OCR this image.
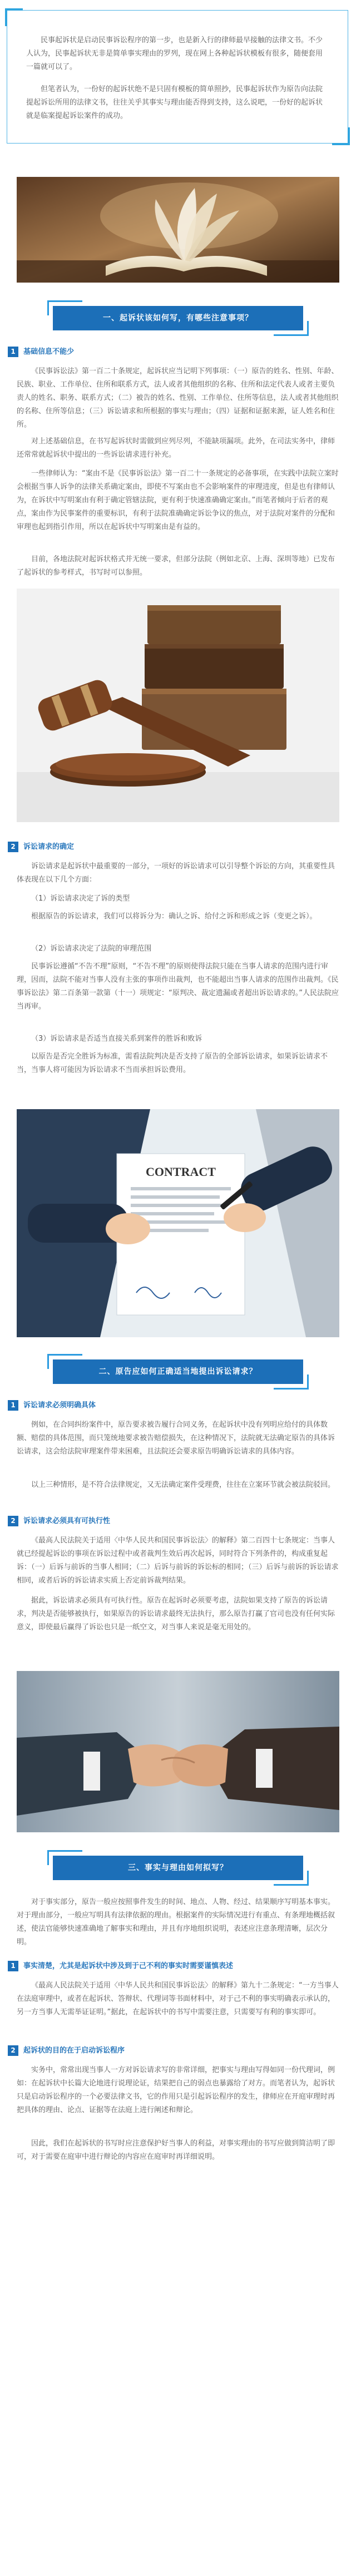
民事起诉状是启动民事诉讼程序的第一步，也是新入行的律师最早接触的法律文书。不少人认为，民事起诉状无非是简单事实理由的罗列，现在网上各种起诉状模板有很多，随便套用一篇就可以了。

但笔者认为，一份好的起诉状绝不是只固有模板的简单照抄，民事起诉状作为原告向法院提起诉讼所用的法律文书，往往关乎其事实与理由能否得到支持，这么说吧，一份好的起诉状就是临案提起诉讼案件的成功。

一、起诉状该如何写，有哪些注意事项？
1	基础信息不能少

《民事诉讼法》第一百二十条规定，起诉状应当记明下列事项：（一）原告的姓名、性别、年龄、民族、职业、工作单位、住所和联系方式，法人或者其他组织的名称、住所和法定代表人或者主要负责人的姓名、职务、联系方式；（二）被告的姓名、性别、工作单位、住所等信息，法人或者其他组织的名称、住所等信息；（三）诉讼请求和所根据的事实与理由；（四）证据和证据来源，证人姓名和住所。

对上述基础信息，在书写起诉状时需做到应列尽列，不能缺项漏项。此外，在司法实务中，律师还常常就起诉状中提出的一些诉讼请求进行补充。

一些律师认为：“案由不是《民事诉讼法》第一百二十一条规定的必备事项，在实践中法院立案时会根据当事人诉争的法律关系确定案由，即使不写案由也不会影响案件的审理进度，但是也有律师认为，在诉状中写明案由有利于确定管辖法院，更有利于快速准确确定案由。”而笔者倾向于后者的观点，案由作为民事案件的重要标识，有利于法院准确确定诉讼争议的焦点，对于法院对案件的分配和审理也起到指引作用，所以在起诉状中写明案由是有益的。

目前，各地法院对起诉状格式并无统一要求，但部分法院（例如北京、上海、深圳等地）已发布了起诉状的参考样式，书写时可以参照。

2	诉讼请求的确定

诉讼请求是起诉状中最重要的一部分，一项好的诉讼请求可以引导整个诉讼的方向，其重要性具体表现在以下几个方面：

（1）诉讼请求决定了诉的类型

根据原告的诉讼请求，我们可以将诉分为：确认之诉、给付之诉和形成之诉（变更之诉）。

（2）诉讼请求决定了法院的审理范围

民事诉讼遵循“不告不理”原则，“不告不理”的原则使得法院只能在当事人请求的范围内进行审理，因而，法院不能对当事人没有主张的事项作出裁判，也不能超出当事人请求的范围作出裁判。《民事诉讼法》第二百条第一款第（十一）项规定：“原判决、裁定遗漏或者超出诉讼请求的。”人民法院应当再审。

（3）诉讼请求是否适当直接关系到案件的胜诉和败诉

以原告是否完全胜诉为标准，需看法院判决是否支持了原告的全部诉讼请求，如果诉讼请求不当，当事人将可能因为诉讼请求不当而承担诉讼费用。

CONTRACT
二、原告应如何正确适当地提出诉讼请求？
1	诉讼请求必须明确具体

例如，在合同纠纷案件中，原告要求被告履行合同义务，在起诉状中没有列明应给付的具体数额、赔偿的具体范围，而只笼统地要求被告赔偿损失，在这种情况下，法院就无法确定原告的具体诉讼请求，这会给法院审理案件带来困难，且法院还会要求原告明确诉讼请求的具体内容。

以上三种情形，是不符合法律规定，又无法确定案件受理费，往往在立案环节就会被法院驳回。

2	诉讼请求必须具有可执行性

《最高人民法院关于适用〈中华人民共和国民事诉讼法〉的解释》第二百四十七条规定：当事人就已经提起诉讼的事项在诉讼过程中或者裁判生效后再次起诉，同时符合下列条件的，构成重复起诉：（一）后诉与前诉的当事人相同；（二）后诉与前诉的诉讼标的相同；（三）后诉与前诉的诉讼请求相同，或者后诉的诉讼请求实质上否定前诉裁判结果。

据此，诉讼请求必须具有可执行性。原告在起诉时必须要考虑，法院如果支持了原告的诉讼请求，判决是否能够被执行，如果原告的诉讼请求最终无法执行，那么原告打赢了官司也没有任何实际意义，即使最后赢得了诉讼也只是一纸空文，对当事人来说是毫无用处的。

三、事实与理由如何拟写？

对于事实部分，原告一般应按照事件发生的时间、地点、人物、经过、结果顺序写明基本事实。对于理由部分，一般应写明具有法律依据的理由。根据案件的实际情况进行有重点、有条理地概括叙述，使法官能够快速准确地了解事实和理由，并且有序地组织说明，表述应注意条理清晰，层次分明。

1	事实清楚，尤其是起诉状中涉及到于己不利的事实时需要谨慎表述

《最高人民法院关于适用〈中华人民共和国民事诉讼法〉的解释》第九十二条规定：“一方当事人在法庭审理中，或者在起诉状、答辩状、代理词等书面材料中，对于己不利的事实明确表示承认的，另一方当事人无需举证证明。”据此，在起诉状中的书写中需要注意，只需要写有利的事实即可。

2	起诉状的目的在于启动诉讼程序

实务中，常常出现当事人一方对诉讼请求写的非常详细，把事实与理由写得如同一份代理词，例如：在起诉状中长篇大论地进行说理论证，结果把自己的弱点也暴露给了对方。而笔者认为，起诉状只是启动诉讼程序的一个必要法律文书，它的作用只是引起诉讼程序的发生，律师应在开庭审理时再把具体的理由、论点、证据等在法庭上进行阐述和辩论。

因此，我们在起诉状的书写时应注意保护好当事人的利益，对事实理由的书写应做到简洁明了即可，对于需要在庭审中进行辩论的内容应在庭审时再详细说明。
